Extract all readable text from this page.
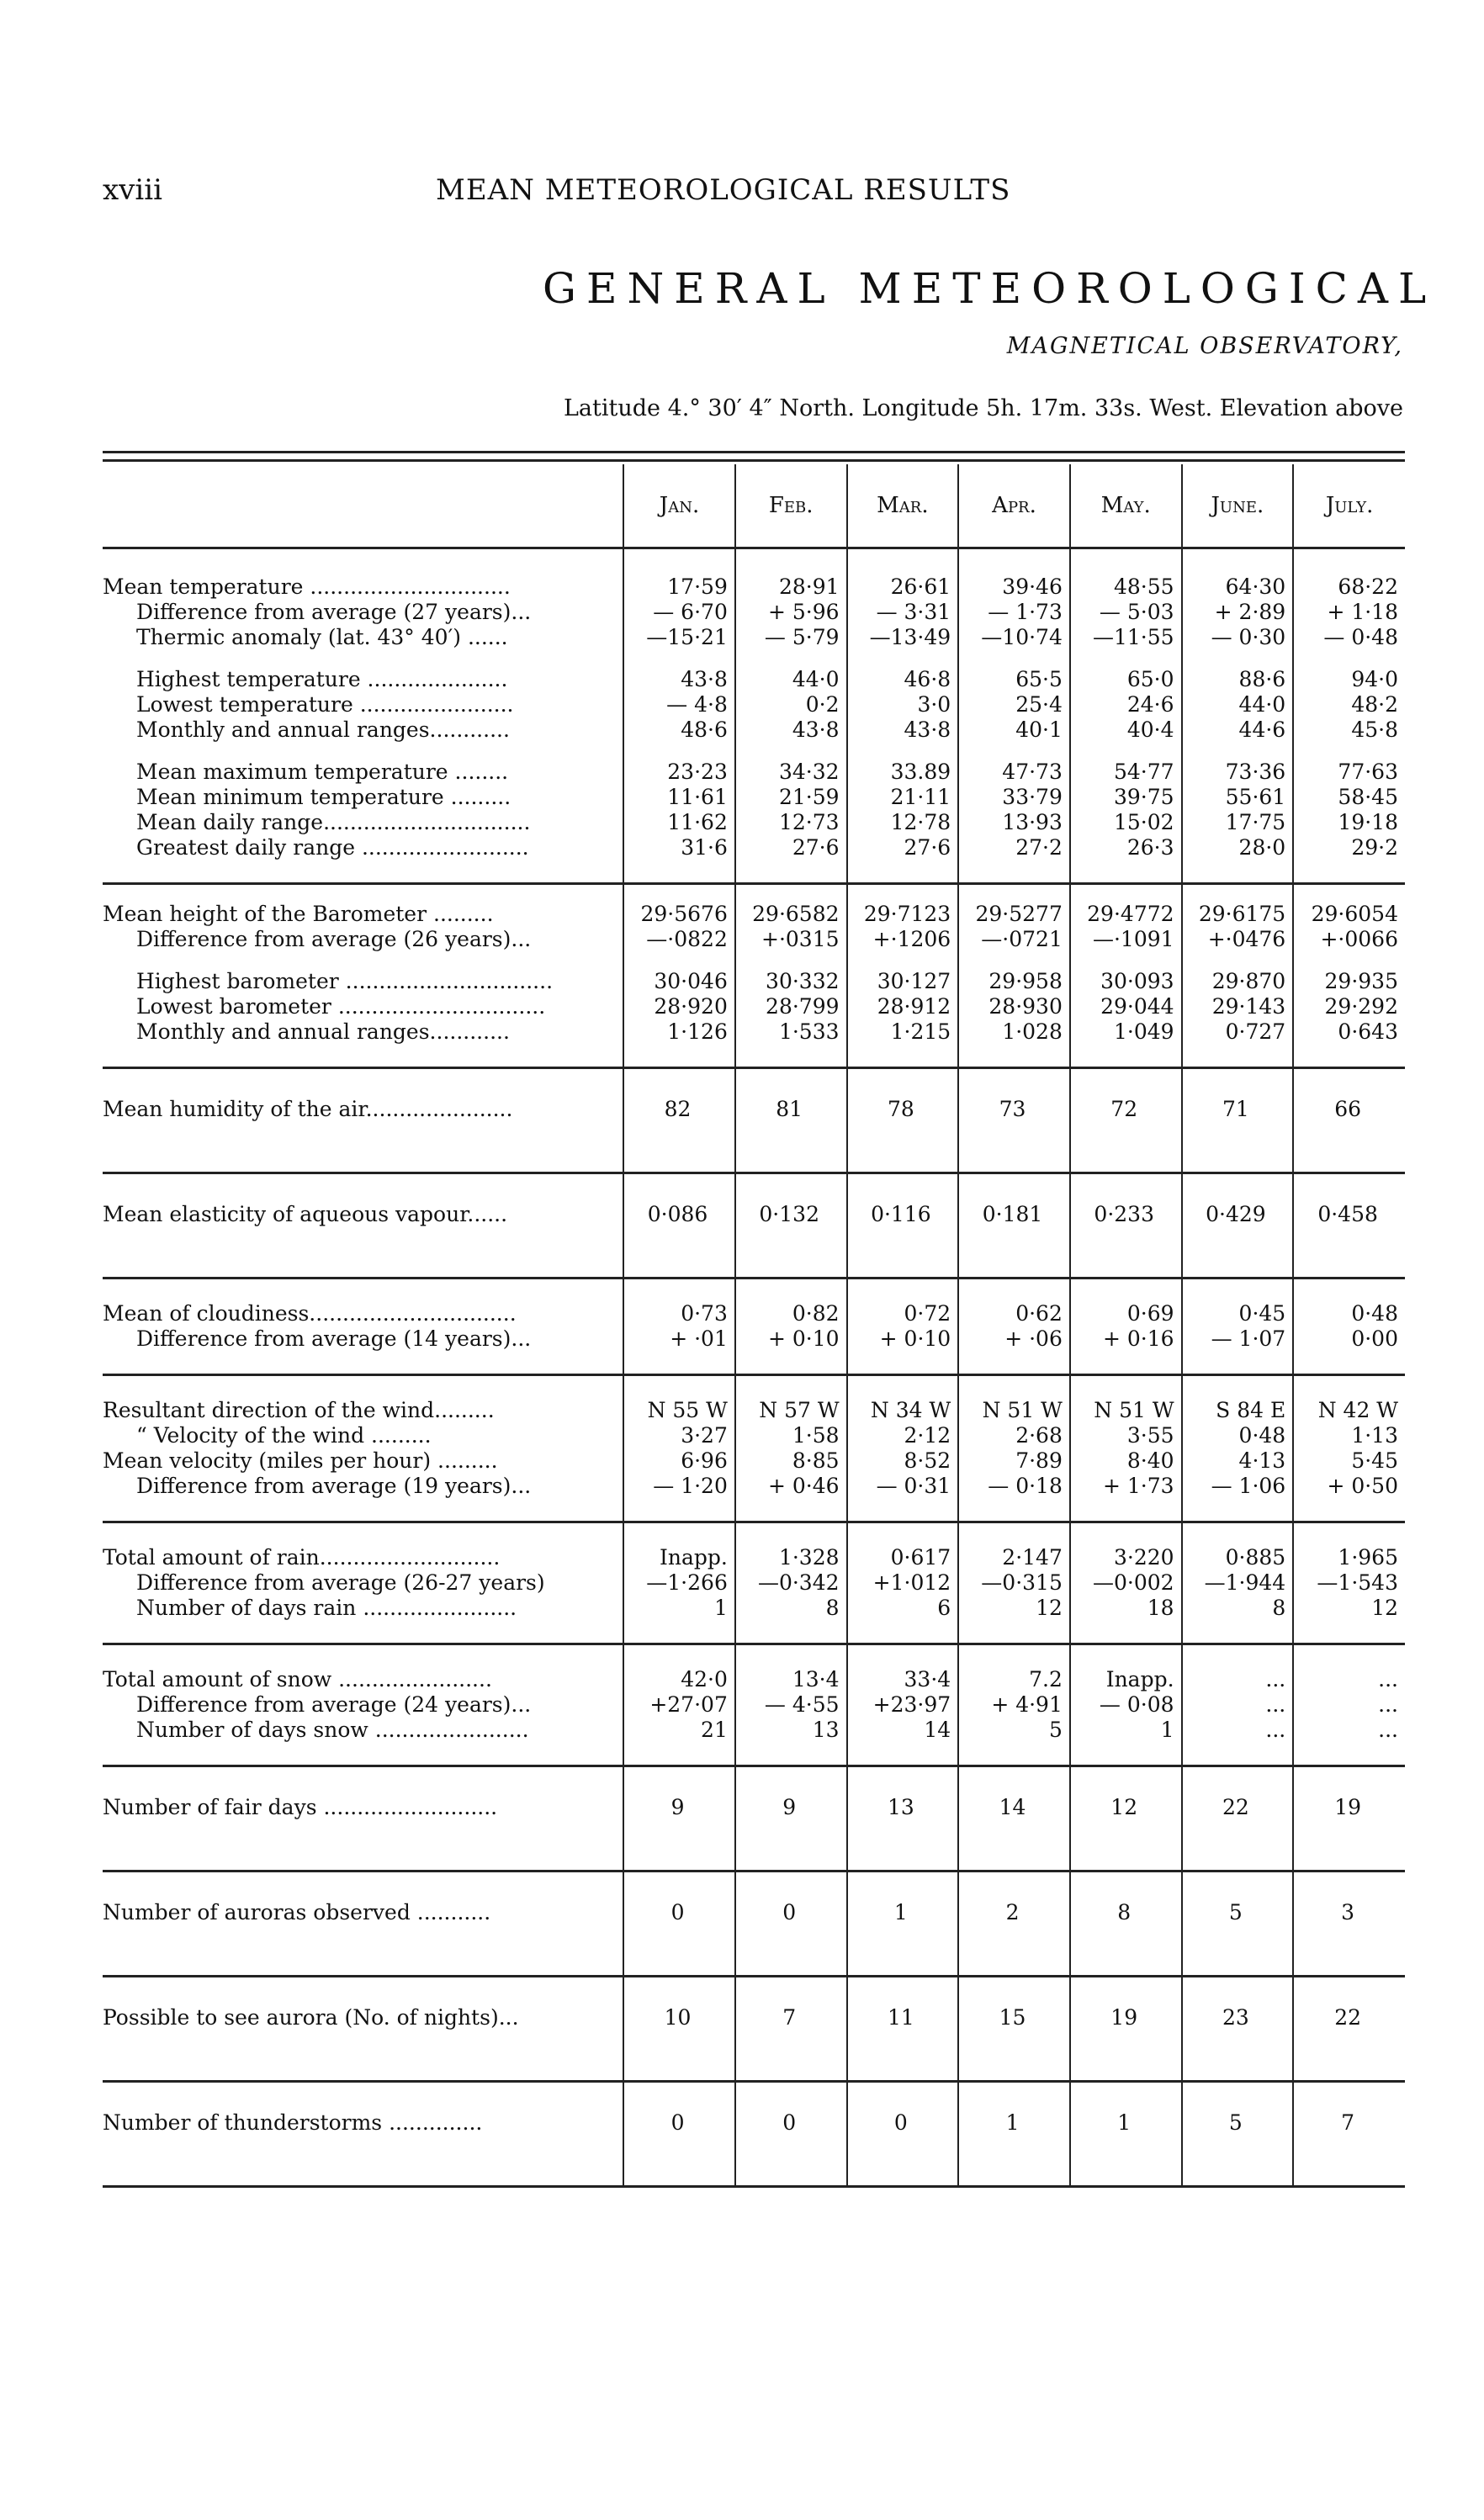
xviii	MEAN METEOROLOGICAL RESULTS
GENERAL METEOROLOGICAL
MAGNETICAL OBSERVATORY,
Latitude 4.° 30′ 4″ North. Longitude 5h. 17m. 33s. West. Elevation above
	Jan.	Feb.	Mar.	Apr.	May.	June.	July.
Mean temperature ..............................	17·59	28·91	26·61	39·46	48·55	64·30	68·22
Difference from average (27 years)...	— 6·70	+ 5·96	— 3·31	— 1·73	— 5·03	+ 2·89	+ 1·18
Thermic anomaly (lat. 43° 40′) ......	—15·21	— 5·79	—13·49	—10·74	—11·55	— 0·30	— 0·48

Highest temperature .....................	43·8	44·0	46·8	65·5	65·0	88·6	94·0
Lowest temperature .......................	— 4·8	0·2	3·0	25·4	24·6	44·0	48·2
Monthly and annual ranges............	48·6	43·8	43·8	40·1	40·4	44·6	45·8

Mean maximum temperature ........	23·23	34·32	33.89	47·73	54·77	73·36	77·63
Mean minimum temperature .........	11·61	21·59	21·11	33·79	39·75	55·61	58·45
Mean daily range...............................	11·62	12·73	12·78	13·93	15·02	17·75	19·18
Greatest daily range .........................	31·6	27·6	27·6	27·2	26·3	28·0	29·2

Mean height of the Barometer .........	29·5676	29·6582	29·7123	29·5277	29·4772	29·6175	29·6054
Difference from average (26 years)...	—·0822	+·0315	+·1206	—·0721	—·1091	+·0476	+·0066

Highest barometer ...............................	30·046	30·332	30·127	29·958	30·093	29·870	29·935
Lowest barometer ...............................	28·920	28·799	28·912	28·930	29·044	29·143	29·292
Monthly and annual ranges............	1·126	1·533	1·215	1·028	1·049	0·727	0·643

Mean humidity of the air......................	82	81	78	73	72	71	66

Mean elasticity of aqueous vapour......	0·086	0·132	0·116	0·181	0·233	0·429	0·458

Mean of cloudiness...............................	0·73	0·82	0·72	0·62	0·69	0·45	0·48
Difference from average (14 years)...	+ ·01	+ 0·10	+ 0·10	+ ·06	+ 0·16	— 1·07	0·00

Resultant direction of the wind.........	N 55 W	N 57 W	N 34 W	N 51 W	N 51 W	S 84 E	N 42 W
“ Velocity of the wind .........	3·27	1·58	2·12	2·68	3·55	0·48	1·13
Mean velocity (miles per hour) .........	6·96	8·85	8·52	7·89	8·40	4·13	5·45
Difference from average (19 years)...	— 1·20	+ 0·46	— 0·31	— 0·18	+ 1·73	— 1·06	+ 0·50

Total amount of rain...........................	Inapp.	1·328	0·617	2·147	3·220	0·885	1·965
Difference from average (26-27 years)	—1·266	—0·342	+1·012	—0·315	—0·002	—1·944	—1·543
Number of days rain .......................	1	8	6	12	18	8	12

Total amount of snow .......................	42·0	13·4	33·4	7.2	Inapp.	...	...
Difference from average (24 years)...	+27·07	— 4·55	+23·97	+ 4·91	— 0·08	...	...
Number of days snow .......................	21	13	14	5	1	...	...

Number of fair days ..........................	9	9	13	14	12	22	19

Number of auroras observed ...........	0	0	1	2	8	5	3

Possible to see aurora (No. of nights)...	10	7	11	15	19	23	22

Number of thunderstorms ..............	0	0	0	1	1	5	7
